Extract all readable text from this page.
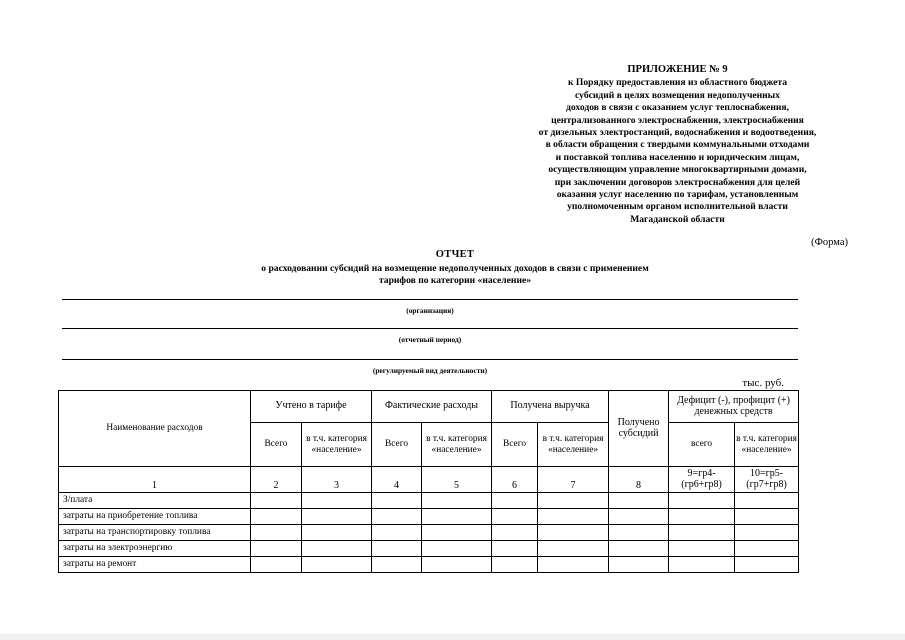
ПРИЛОЖЕНИЕ № 9
к Порядку предоставления из областного бюджета
субсидий в целях возмещения недополученных
доходов в связи с оказанием услуг теплоснабжения,
централизованного электроснабжения, электроснабжения
от дизельных электростанций, водоснабжения и водоотведения,
в области обращения с твердыми коммунальными отходами
и поставкой топлива населению и юридическим лицам,
осуществляющим управление многоквартирными домами,
при заключении договоров электроснабжения для целей
оказания услуг населению по тарифам, установленным
уполномоченным органом исполнительной власти
Магаданской области
(Форма)
ОТЧЕТ
о расходовании субсидий на возмещение недополученных доходов в связи с применением
тарифов по категории «население»
(организация)
(отчетный период)
(регулируемый вид деятельности)
тыс. руб.
Наименование расходов	Учтено в тарифе		Фактические расходы		Получена выручка		Получено субсидий	Дефицит (-), профицит (+) денежных средств	
	Всего	в т.ч. категория «население»	Всего	в т.ч. категория «население»	Всего	в т.ч. категория «население»		всего	в т.ч. категория «население»
1	2	3	4	5	6	7	8	9=гр4-(гр6+гр8)	10=гр5-(гр7+гр8)
З/плата									
затраты на приобретение топлива									
затраты на транспортировку топлива									
затраты на электроэнергию									
затраты на ремонт									
